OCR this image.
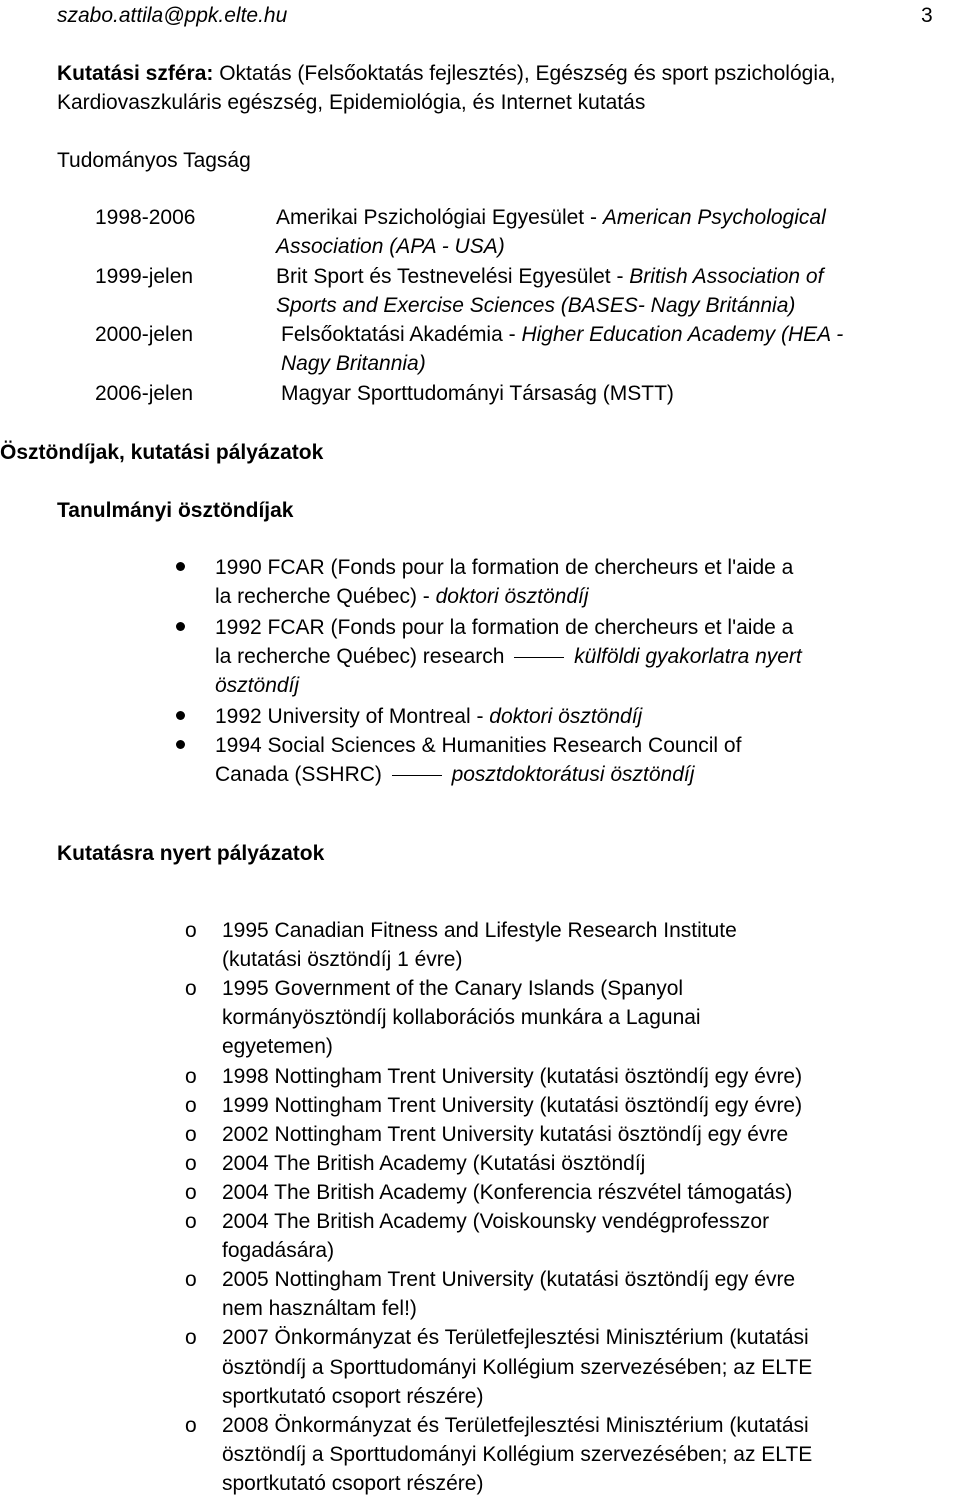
szabo.attila@ppk.elte.hu	3
Kutatási szféra: Oktatás (Felsőoktatás fejlesztés), Egészség és sport pszichológia,
Kardiovaszkuláris egészség, Epidemiológia, és Internet kutatás
Tudományos Tagság
1998-2006	Amerikai Pszichológiai Egyesület - American Psychological
Association (APA - USA)
1999-jelen	Brit Sport és Testnevelési Egyesület - British Association of
Sports and Exercise Sciences (BASES- Nagy Británnia)
2000-jelen	Felsőoktatási Akadémia - Higher Education Academy (HEA -
Nagy Britannia)
2006-jelen	Magyar Sporttudományi Társaság (MSTT)
Ösztöndíjak, kutatási pályázatok
Tanulmányi ösztöndíjak
1990 FCAR (Fonds pour la formation de chercheurs et l'aide a
la recherche Québec) - doktori ösztöndíj
1992 FCAR (Fonds pour la formation de chercheurs et l'aide a
la recherche Québec) research	külföldi gyakorlatra nyert
ösztöndíj
1992 University of Montreal - doktori ösztöndíj
1994 Social Sciences & Humanities Research Council of
Canada (SSHRC)	posztdoktorátusi ösztöndíj
Kutatásra nyert pályázatok
o 1995 Canadian Fitness and Lifestyle Research Institute
(kutatási ösztöndíj 1 évre)
o 1995 Government of the Canary Islands (Spanyol
kormányösztöndíj kollaborációs munkára a Lagunai
egyetemen)
o 1998 Nottingham Trent University (kutatási ösztöndíj egy évre)
o 1999 Nottingham Trent University (kutatási ösztöndíj egy évre)
o 2002 Nottingham Trent University kutatási ösztöndíj egy évre
o 2004 The British Academy (Kutatási ösztöndíj
o 2004 The British Academy (Konferencia részvétel támogatás)
o 2004 The British Academy (Voiskounsky vendégprofesszor
fogadására)
o 2005 Nottingham Trent University (kutatási ösztöndíj egy évre
nem használtam fel!)
o 2007 Önkormányzat és Területfejlesztési Minisztérium (kutatási
ösztöndíj a Sporttudományi Kollégium szervezésében; az ELTE
sportkutató csoport részére)
o 2008 Önkormányzat és Területfejlesztési Minisztérium (kutatási
ösztöndíj a Sporttudományi Kollégium szervezésében; az ELTE
sportkutató csoport részére)
